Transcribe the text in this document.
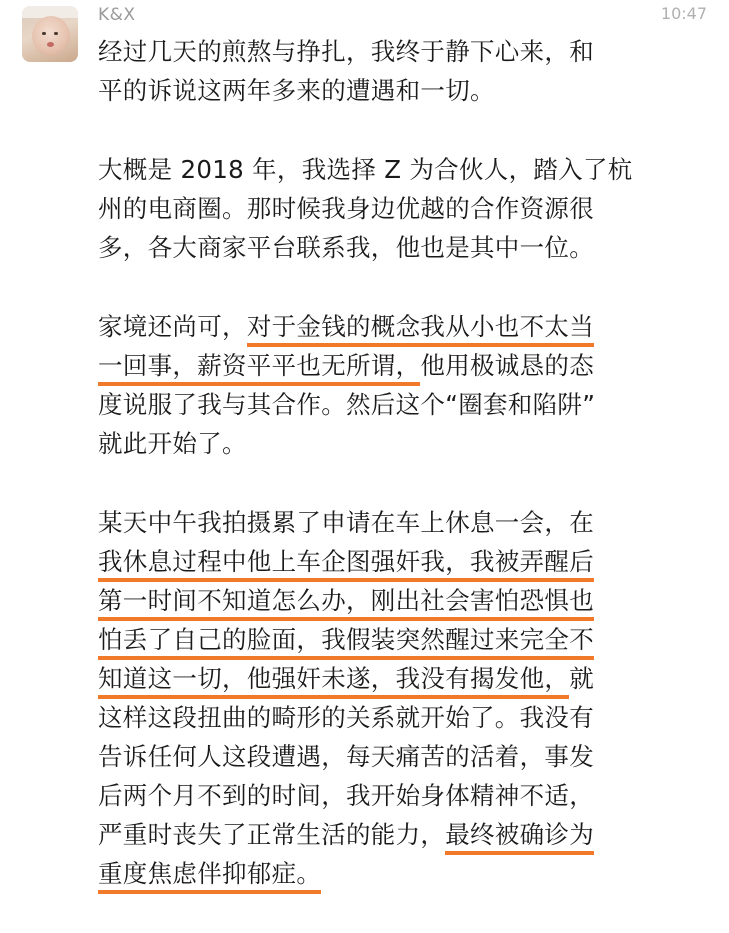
K&X	10:47
经过几天的煎熬与挣扎，我终于静下心来，和
平的诉说这两年多来的遭遇和一切。
大概是 2018 年，我选择 Z 为合伙人，踏入了杭
州的电商圈。那时候我身边优越的合作资源很
多，各大商家平台联系我，他也是其中一位。
家境还尚可，对于金钱的概念我从小也不太当
一回事，薪资平平也无所谓，他用极诚恳的态
度说服了我与其合作。然后这个“圈套和陷阱”
就此开始了。
某天中午我拍摄累了申请在车上休息一会，在
我休息过程中他上车企图强奸我，我被弄醒后
第一时间不知道怎么办，刚出社会害怕恐惧也
怕丢了自己的脸面，我假装突然醒过来完全不
知道这一切，他强奸未遂，我没有揭发他，就
这样这段扭曲的畸形的关系就开始了。我没有
告诉任何人这段遭遇，每天痛苦的活着，事发
后两个月不到的时间，我开始身体精神不适，
严重时丧失了正常生活的能力，最终被确诊为
重度焦虑伴抑郁症。
